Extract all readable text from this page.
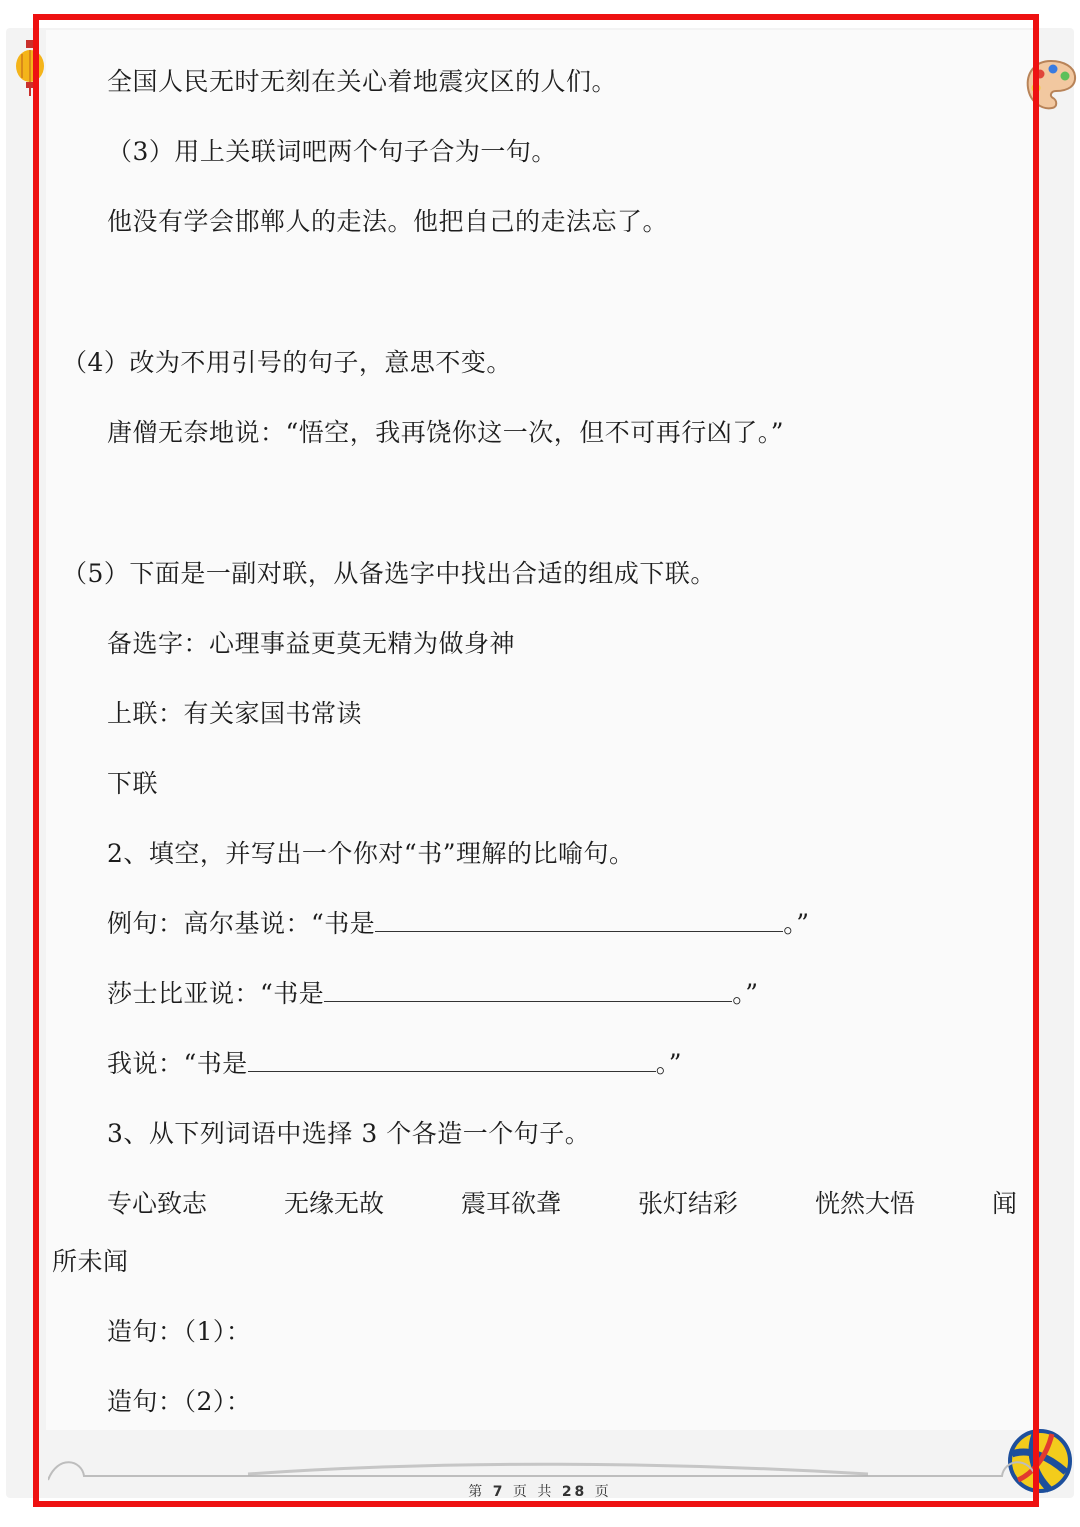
全国人民无时无刻在关心着地震灾区的人们。
（3）用上关联词吧两个句子合为一句。
他没有学会邯郸人的走法。他把自己的走法忘了。
（4）改为不用引号的句子，意思不变。
唐僧无奈地说：“悟空，我再饶你这一次，但不可再行凶了。”
（5）下面是一副对联，从备选字中找出合适的组成下联。
备选字：心理事益更莫无精为做身神
上联：有关家国书常读
下联
2、填空，并写出一个你对“书”理解的比喻句。
例句：高尔基说：“书是	。”
莎士比亚说：“书是	。”
我说：“书是	。”
3、从下列词语中选择 3 个各造一个句子。
专心致志	无缘无故	震耳欲聋	张灯结彩	恍然大悟	闻
所未闻
造句：（1）：
造句：（2）：
第 7 页 共 28 页
